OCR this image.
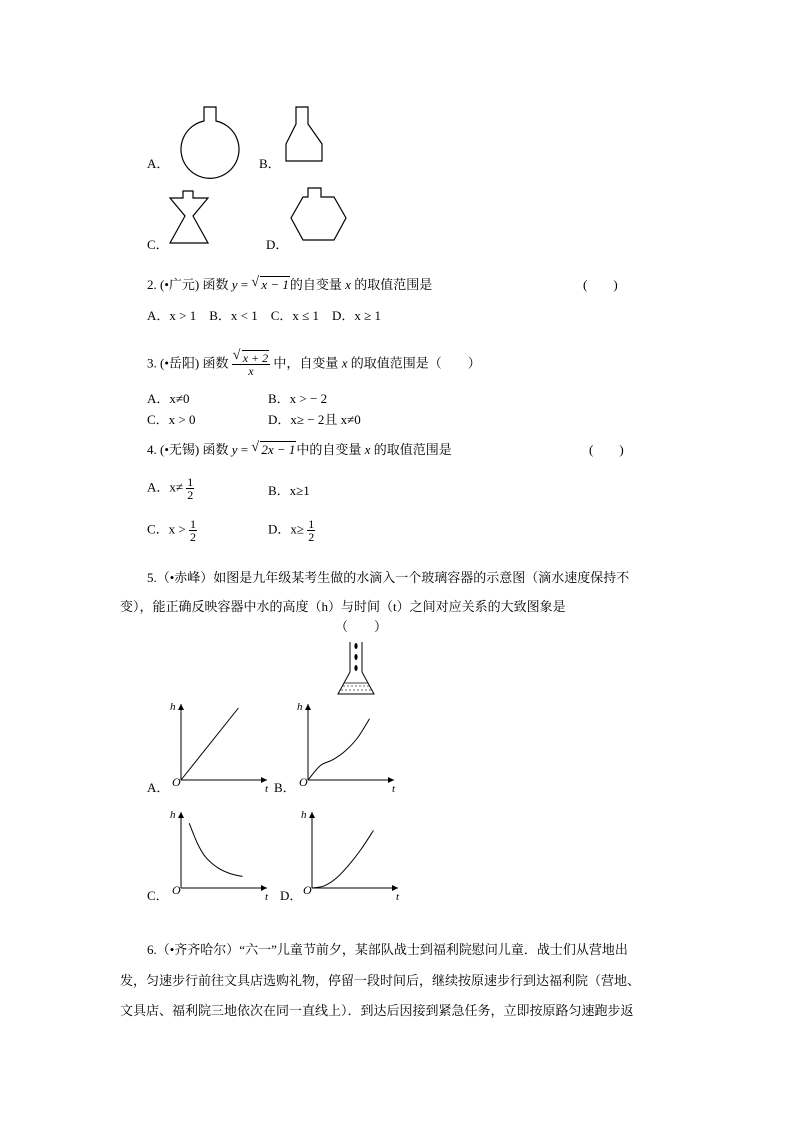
A．	B．
C．	D．
2. (•广元) 函数 y = √ x − 1的自变量 x 的取值范围是	(　　)
A．x > 1　B．x < 1　C．x ≤ 1　D．x ≥ 1
3. (•岳阳) 函数 √ $\frac{x + 2}{x}$ 中，自变量 x 的取值范围是（　　）
A．x≠0	B．x > − 2
C．x > 0	D．x≥ − 2且 x≠0
4. (•无锡) 函数 y = √ 2x − 1中的自变量 x 的取值范围是	(　　)
A．$x\ne \frac{1}{2}$	B．x≥1
C．$x > \frac{1}{2}$	D．$x\ge \frac{1}{2}$
5.（•赤峰）如图是九年级某考生做的水滴入一个玻璃容器的示意图（滴水速度保持不
变），能正确反映容器中水的高度（h）与时间（t）之间对应关系的大致图象是
（　　）
A．	B．
C．	D．
h
t
O
h
t
O
h
t
O
h
t
O
6.（•齐齐哈尔）“六一”儿童节前夕，某部队战士到福利院慰问儿童．战士们从营地出
发，匀速步行前往文具店选购礼物，停留一段时间后，继续按原速步行到达福利院（营地、
文具店、福利院三地依次在同一直线上）．到达后因接到紧急任务，立即按原路匀速跑步返
